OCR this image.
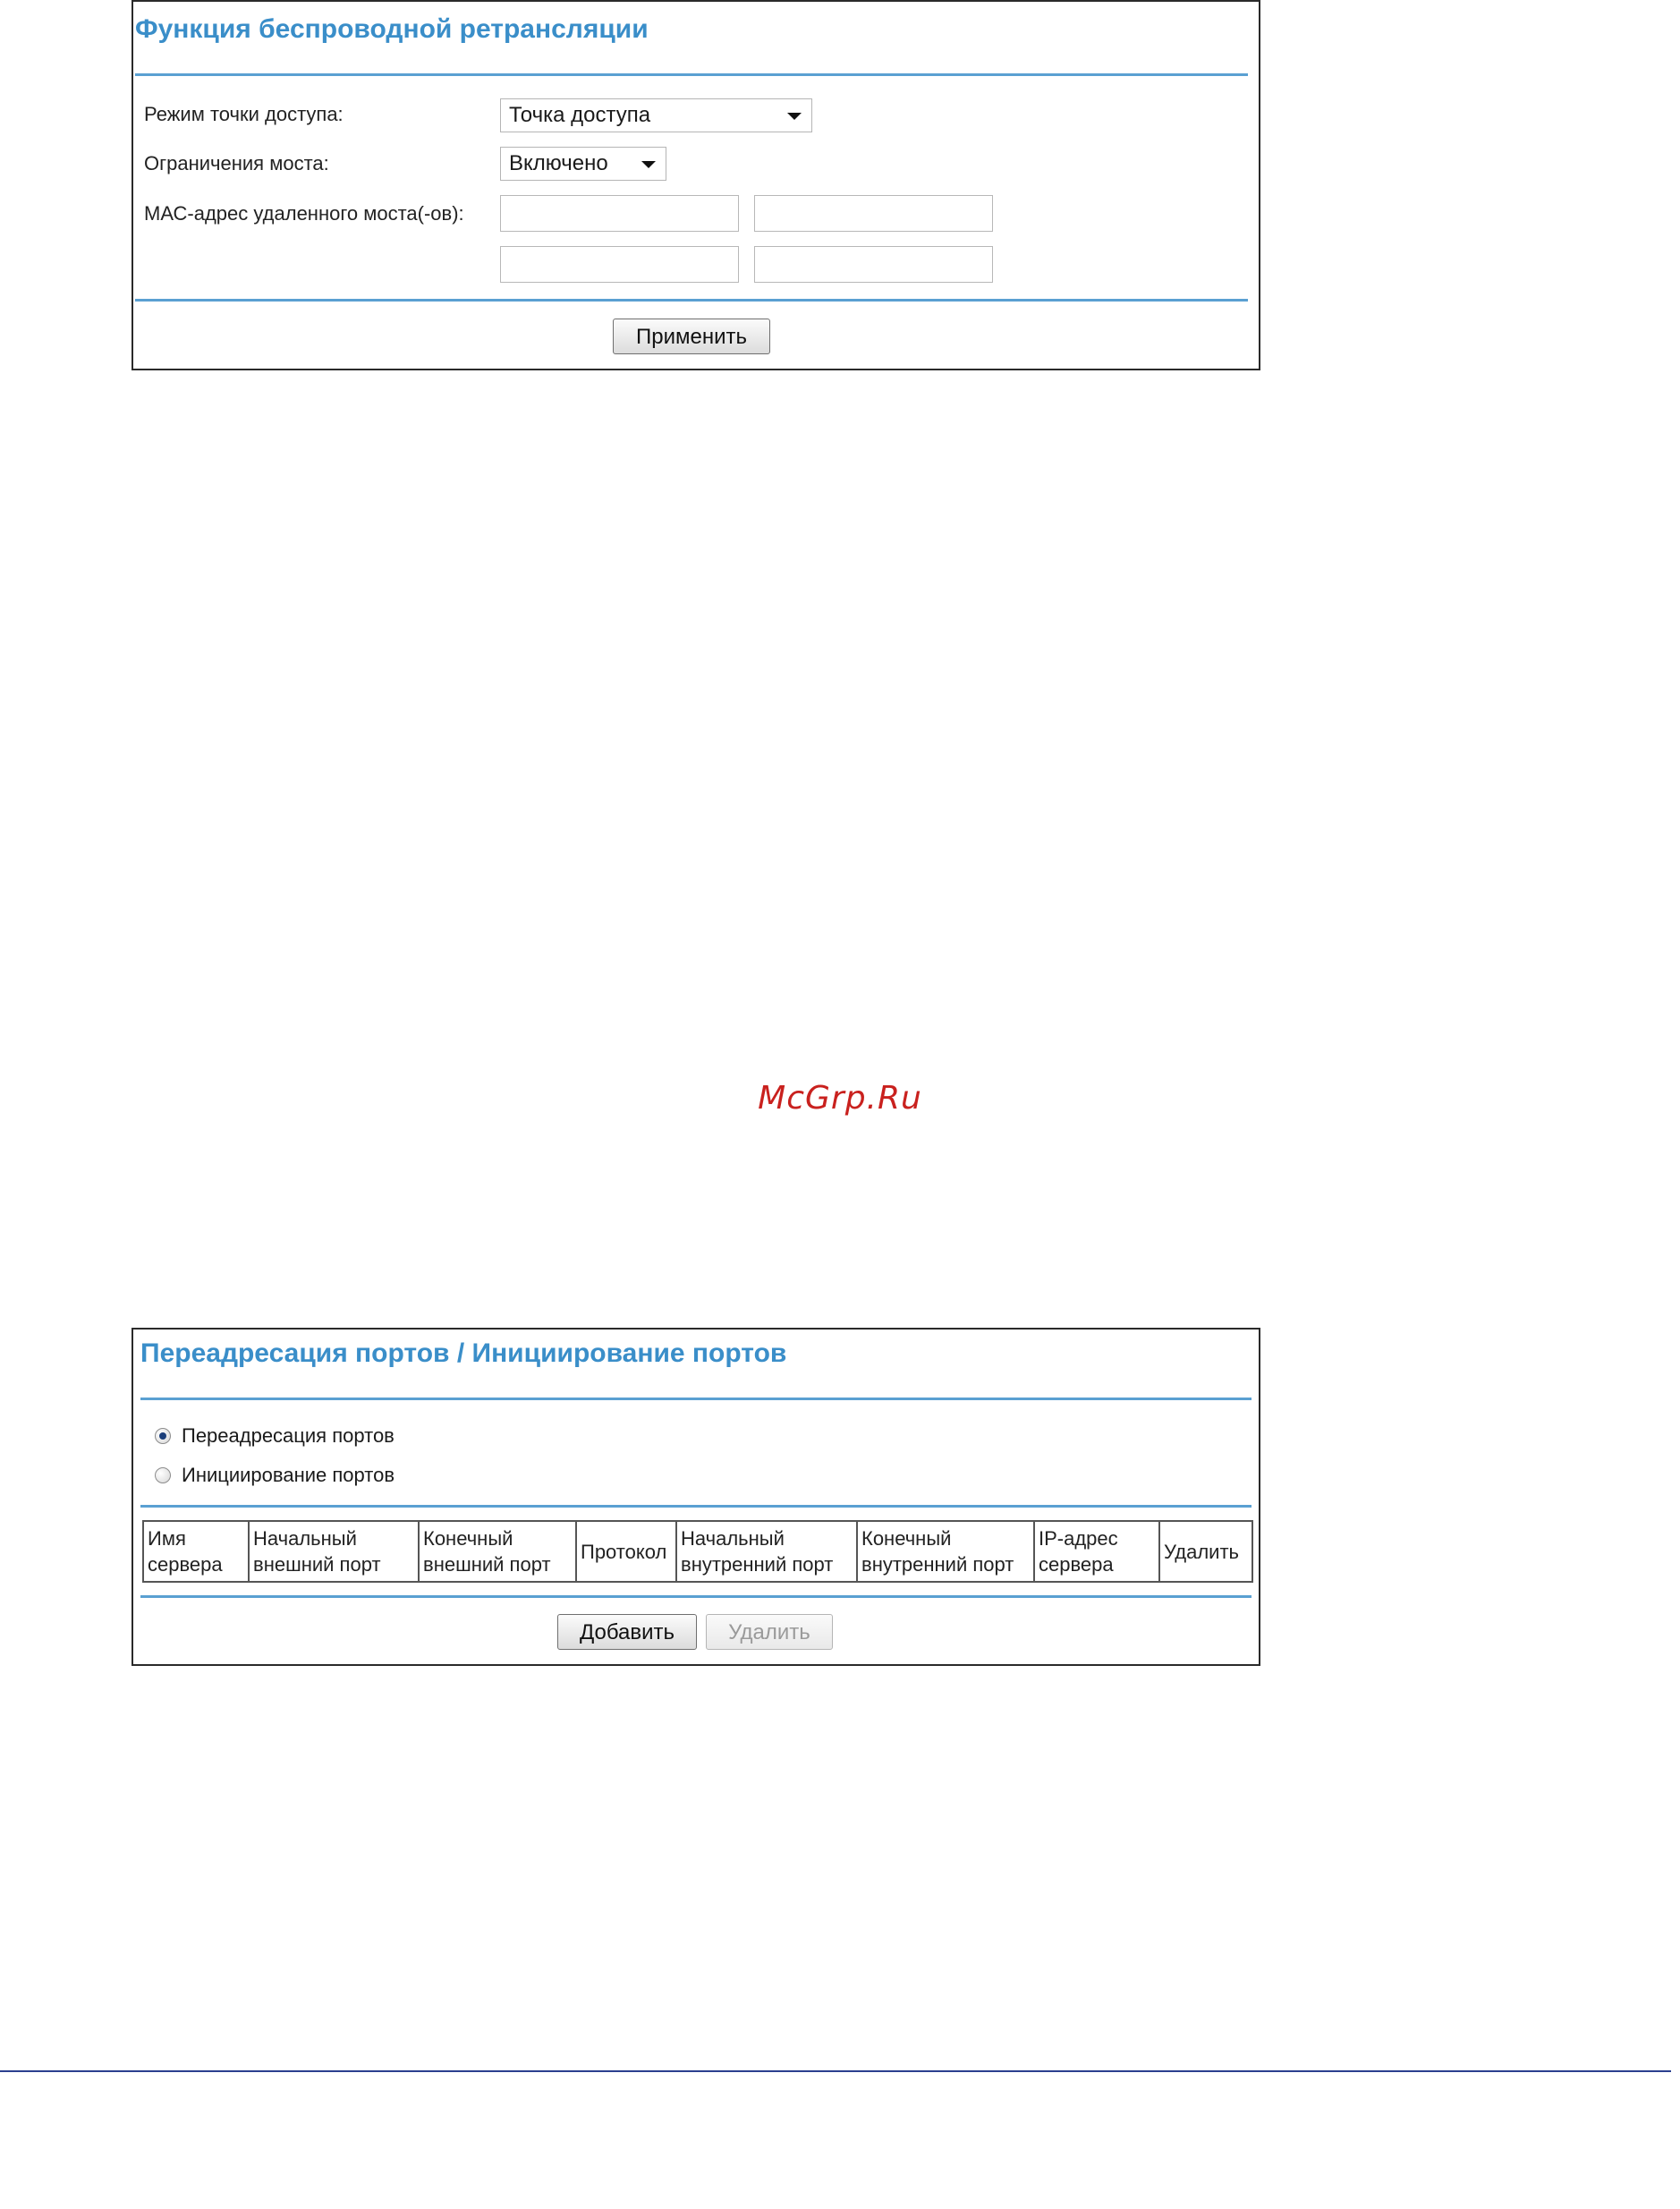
Функция беспроводной ретрансляции
Режим точки доступа:	Точка доступа
Ограничения моста:	Включено
МАС-адрес удаленного моста(-ов):
Применить
McGrp.Ru
Переадресация портов / Инициирование портов
Переадресация портов
Инициирование портов
Имя сервера	Начальный внешний порт	Конечный внешний порт	Протокол	Начальный внутренний порт	Конечный внутренний порт	IP-адрес сервера	Удалить
Добавить	Удалить
